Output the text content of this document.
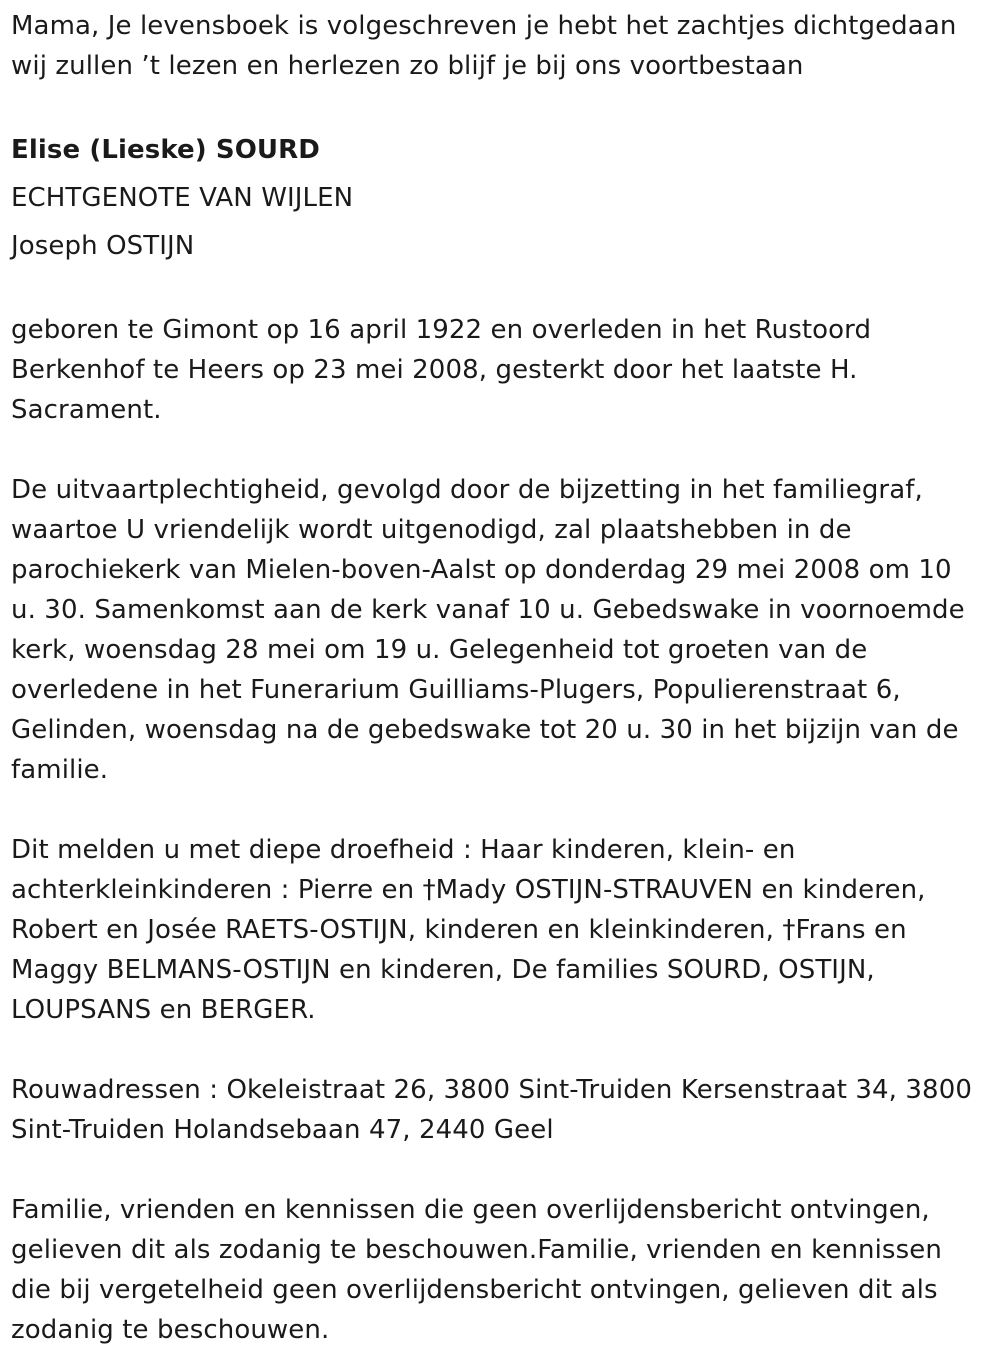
Mama, Je levensboek is volgeschreven je hebt het zachtjes dichtgedaan
wij zullen ’t lezen en herlezen zo blijf je bij ons voortbestaan

Elise (Lieske) SOURD

ECHTGENOTE VAN WIJLEN

Joseph OSTIJN

geboren te Gimont op 16 april 1922 en overleden in het Rustoord
Berkenhof te Heers op 23 mei 2008, gesterkt door het laatste H.
Sacrament.

De uitvaartplechtigheid, gevolgd door de bijzetting in het familiegraf,
waartoe U vriendelijk wordt uitgenodigd, zal plaatshebben in de
parochiekerk van Mielen-boven-Aalst op donderdag 29 mei 2008 om 10
u. 30. Samenkomst aan de kerk vanaf 10 u. Gebedswake in voornoemde
kerk, woensdag 28 mei om 19 u. Gelegenheid tot groeten van de
overledene in het Funerarium Guilliams-Plugers, Populierenstraat 6,
Gelinden, woensdag na de gebedswake tot 20 u. 30 in het bijzijn van de
familie.

Dit melden u met diepe droefheid : Haar kinderen, klein- en
achterkleinkinderen : Pierre en †Mady OSTIJN-STRAUVEN en kinderen,
Robert en Josée RAETS-OSTIJN, kinderen en kleinkinderen, †Frans en
Maggy BELMANS-OSTIJN en kinderen, De families SOURD, OSTIJN,
LOUPSANS en BERGER.

Rouwadressen : Okeleistraat 26, 3800 Sint-Truiden Kersenstraat 34, 3800
Sint-Truiden Holandsebaan 47, 2440 Geel

Familie, vrienden en kennissen die geen overlijdensbericht ontvingen,
gelieven dit als zodanig te beschouwen.Familie, vrienden en kennissen
die bij vergetelheid geen overlijdensbericht ontvingen, gelieven dit als
zodanig te beschouwen.
